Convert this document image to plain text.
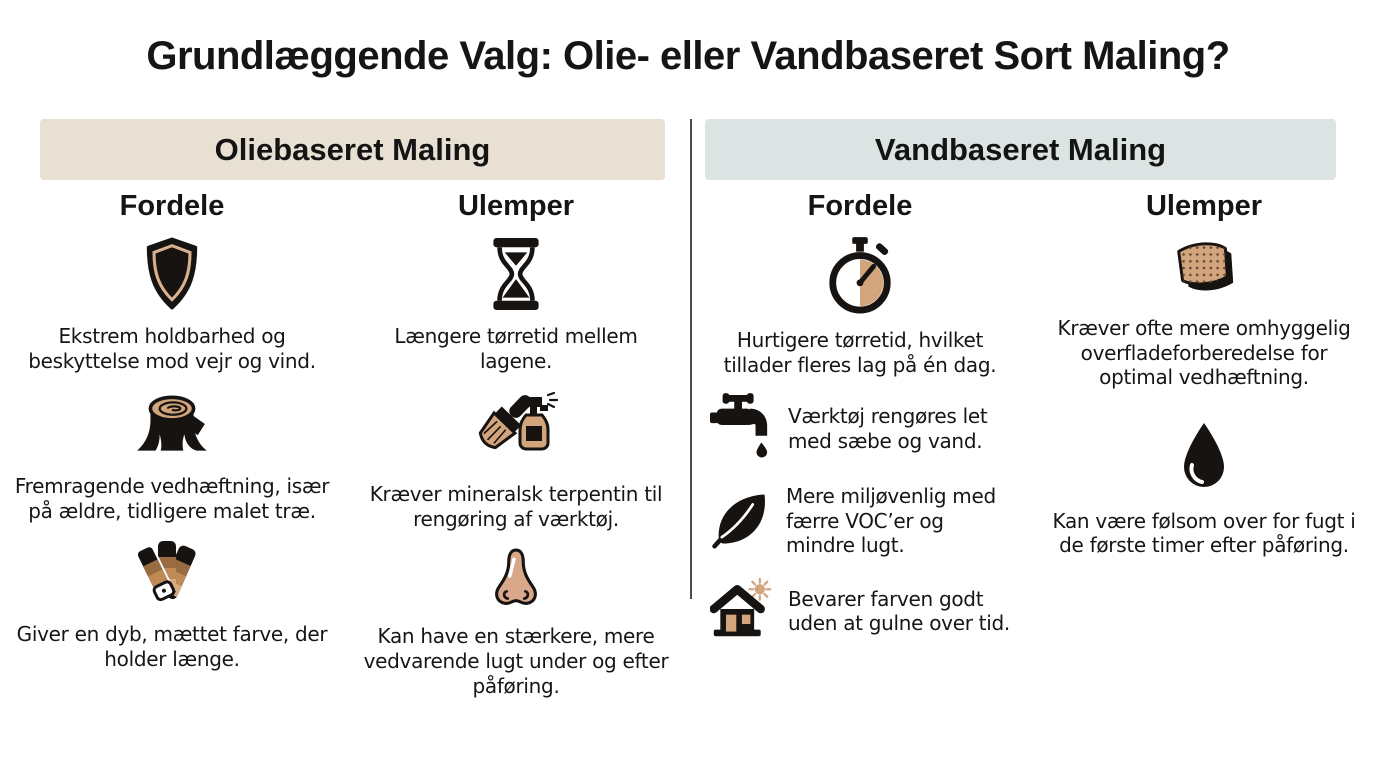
Grundlæggende Valg: Olie- eller Vandbaseret Sort Maling?
Oliebaseret Maling
Fordele

Ekstrem holdbarhed og beskyttelse mod vejr og vind.

Fremragende vedhæftning, især på ældre, tidligere malet træ.

Giver en dyb, mættet farve, der holder længe.

Ulemper

Længere tørretid mellem lagene.

Kræver mineralsk terpentin til rengøring af værktøj.

Kan have en stærkere, mere vedvarende lugt under og efter påføring.

Vandbaseret Maling
Fordele

Hurtigere tørretid, hvilket tillader fleres lag på én dag.

Værktøj rengøres let med sæbe og vand.

Mere miljøvenlig med færre VOC’er og mindre lugt.

Bevarer farven godt uden at gulne over tid.

Ulemper

Kræver ofte mere omhyggelig overfladeforberedelse for optimal vedhæftning.

Kan være følsom over for fugt i de første timer efter påføring.
